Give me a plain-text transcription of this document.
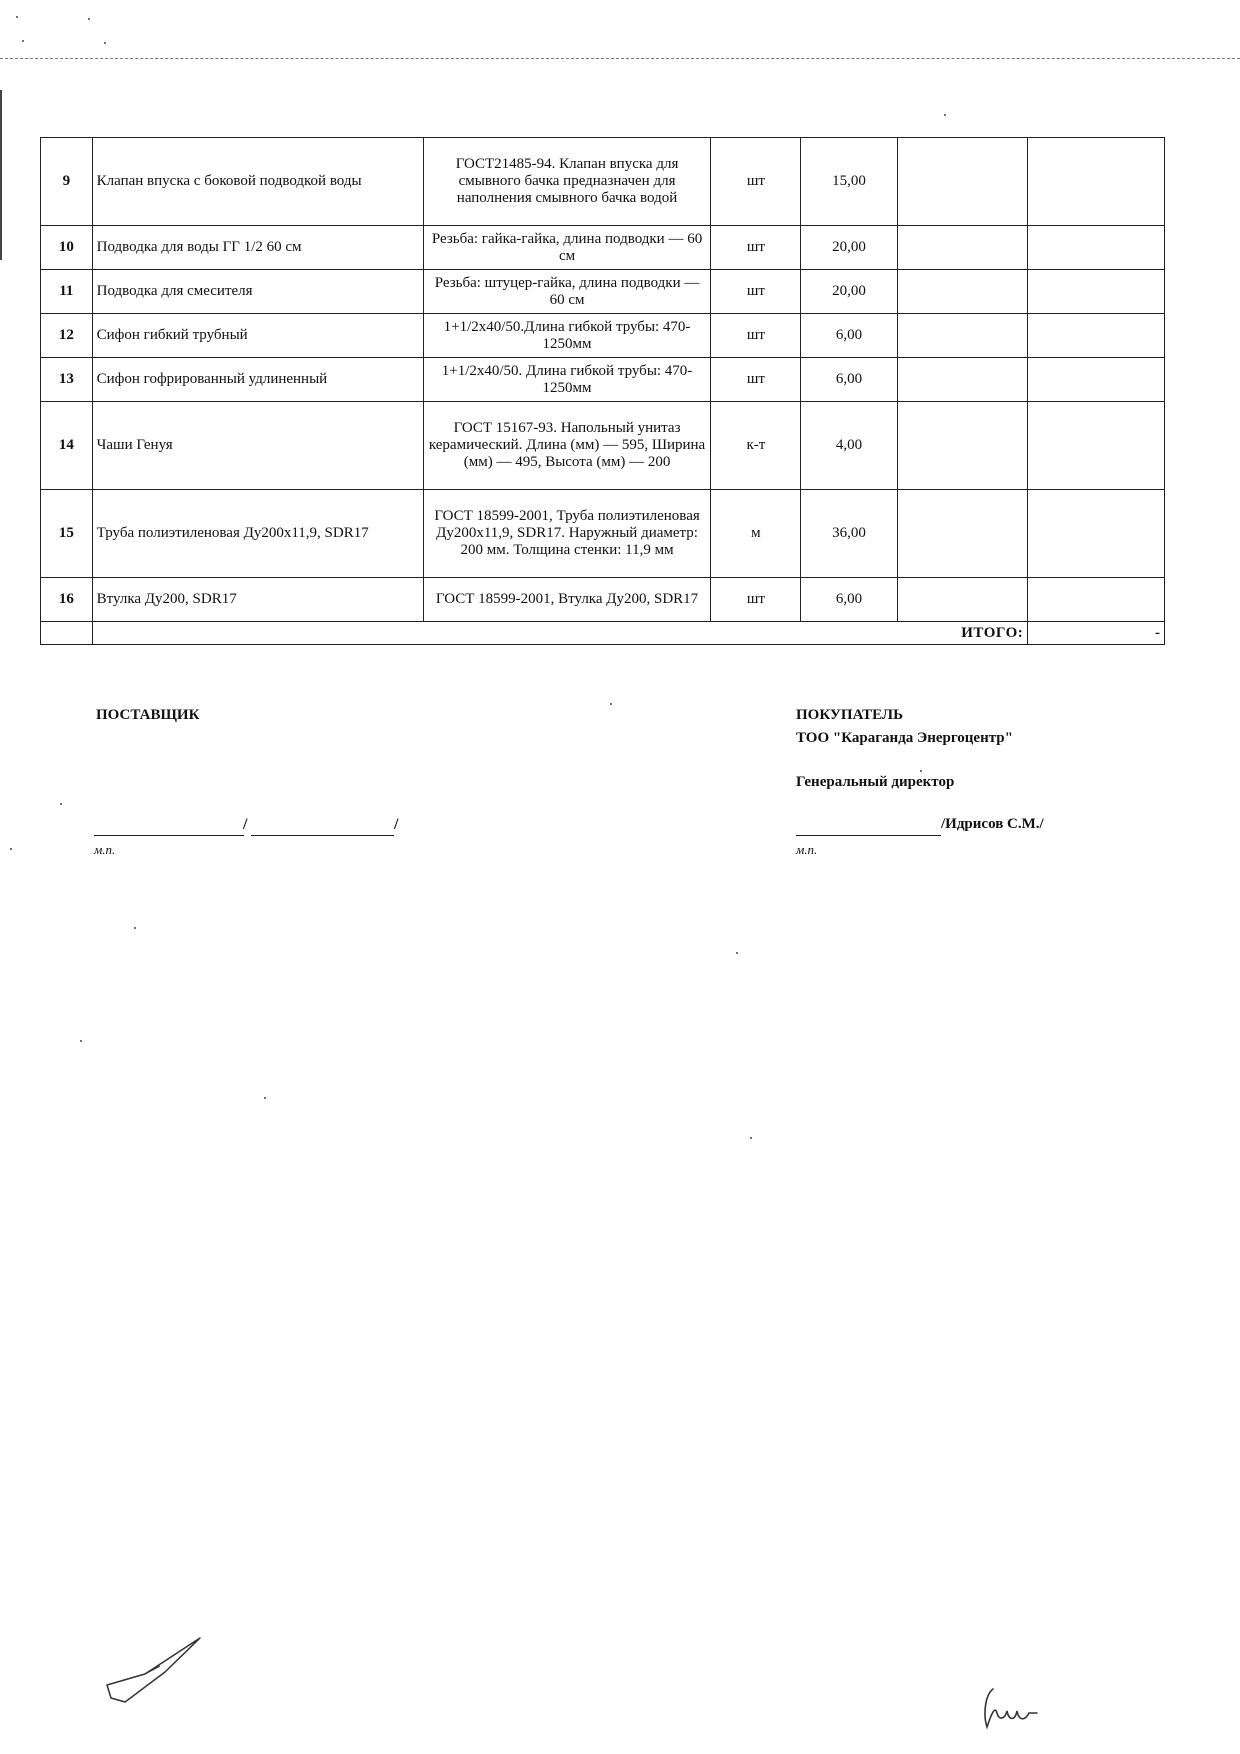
9	Клапан впуска с боковой подводкой воды	ГОСТ21485-94. Клапан впуска для смывного бачка предназначен для наполнения смывного бачка водой	шт	15,00		
10	Подводка для воды ГГ 1/2 60 см	Резьба: гайка-гайка, длина подводки — 60 см	шт	20,00		
11	Подводка для смесителя	Резьба: штуцер-гайка, длина подводки — 60 см	шт	20,00		
12	Сифон гибкий трубный	1+1/2х40/50.Длина гибкой трубы: 470-1250мм	шт	6,00		
13	Сифон гофрированный удлиненный	1+1/2х40/50. Длина гибкой трубы: 470-1250мм	шт	6,00		
14	Чаши Генуя	ГОСТ 15167-93. Напольный унитаз керамический. Длина (мм) — 595, Ширина (мм) — 495, Высота (мм) — 200	к-т	4,00		
15	Труба полиэтиленовая Ду200х11,9, SDR17	ГОСТ 18599-2001, Труба полиэтиленовая Ду200х11,9, SDR17. Наружный диаметр: 200 мм. Толщина стенки: 11,9 мм	м	36,00		
16	Втулка Ду200, SDR17	ГОСТ 18599-2001, Втулка Ду200, SDR17	шт	6,00		
	ИТОГО:					-
ПОСТАВЩИК
/	/
м.п.
ПОКУПАТЕЛЬ
ТОО "Караганда Энергоцентр"
Генеральный директор
/Идрисов С.М./
м.п.
